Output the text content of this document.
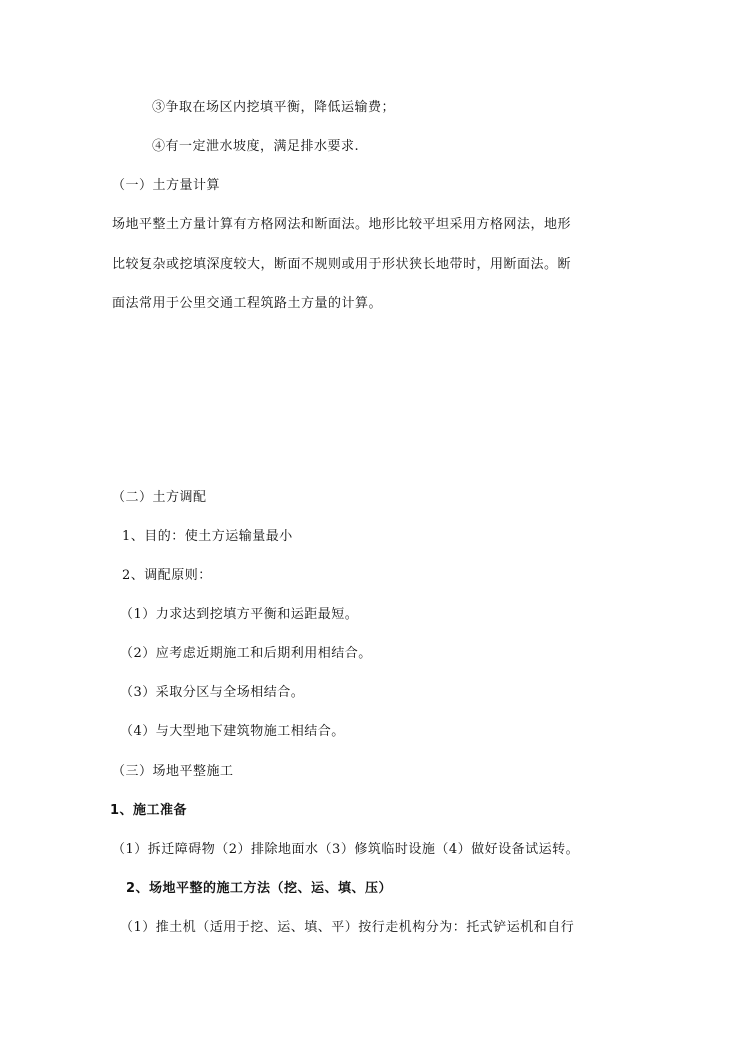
③争取在场区内挖填平衡，降低运输费；
④有一定泄水坡度，满足排水要求.
（一）土方量计算
场地平整土方量计算有方格网法和断面法。地形比较平坦采用方格网法，地形
比较复杂或挖填深度较大，断面不规则或用于形状狭长地带时，用断面法。断
面法常用于公里交通工程筑路土方量的计算。
（二）土方调配
1、目的：使土方运输量最小
2、调配原则：
（1）力求达到挖填方平衡和运距最短。
（2）应考虑近期施工和后期利用相结合。
（3）采取分区与全场相结合。
（4）与大型地下建筑物施工相结合。
（三）场地平整施工
1、施工准备
（1）拆迁障碍物（2）排除地面水（3）修筑临时设施（4）做好设备试运转。
2、场地平整的施工方法（挖、运、填、压）
（1）推土机（适用于挖、运、填、平）按行走机构分为：托式铲运机和自行
